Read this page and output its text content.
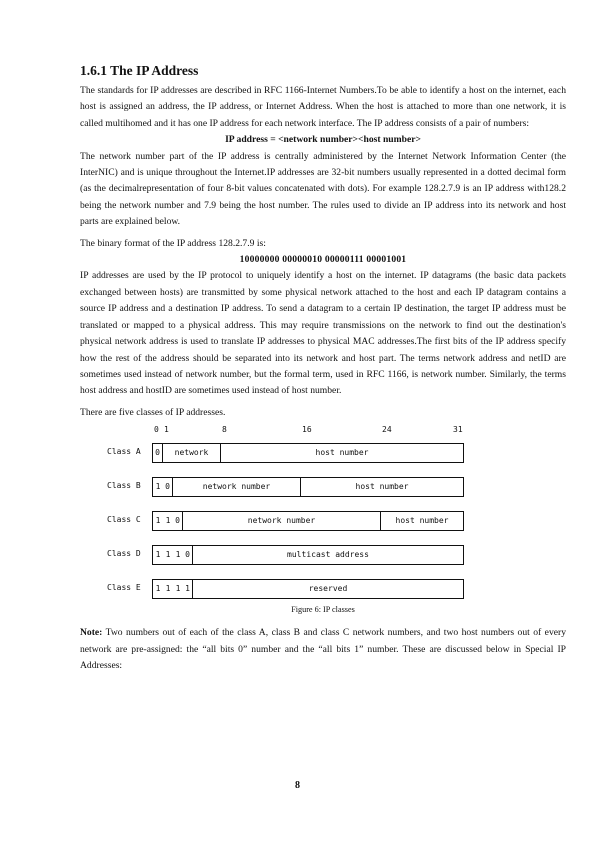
1.6.1 The IP Address

The standards for IP addresses are described in RFC 1166-Internet Numbers.To be able to identify a host on the internet, each host is assigned an address, the IP address, or Internet Address. When the host is attached to more than one network, it is called multihomed and it has one IP address for each network interface. The IP address consists of a pair of numbers:

IP address = <network number><host number>

The network number part of the IP address is centrally administered by the Internet Network Information Center (the InterNIC) and is unique throughout the Internet.IP addresses are 32-bit numbers usually represented in a dotted decimal form (as the decimalrepresentation of four 8-bit values concatenated with dots). For example 128.2.7.9 is an IP address with128.2 being the network number and 7.9 being the host number. The rules used to divide an IP address into its network and host parts are explained below.

The binary format of the IP address 128.2.7.9 is:

10000000 00000010 00000111 00001001

IP addresses are used by the IP protocol to uniquely identify a host on the internet. IP datagrams (the basic data packets exchanged between hosts) are transmitted by some physical network attached to the host and each IP datagram contains a source IP address and a destination IP address. To send a datagram to a certain IP destination, the target IP address must be translated or mapped to a physical address. This may require transmissions on the network to find out the destination's physical network address is used to translate IP addresses to physical MAC addresses.The first bits of the IP address specify how the rest of the address should be separated into its network and host part. The terms network address and netID are sometimes used instead of network number, but the formal term, used in RFC 1166, is network number. Similarly, the terms host address and hostID are sometimes used instead of host number.

There are five classes of IP addresses.

0 1	8	16	24	31
Class A 0	network	host number
Class B	1 0	network number	host number
Class C	1 1 0	network number	host number
Class D	1 1 1 0	multicast address
Class E	1 1 1 1	reserved
Figure 6: IP classes

Note: Two numbers out of each of the class A, class B and class C network numbers, and two host numbers out of every network are pre-assigned: the “all bits 0” number and the “all bits 1” number. These are discussed below in Special IP Addresses:

8
